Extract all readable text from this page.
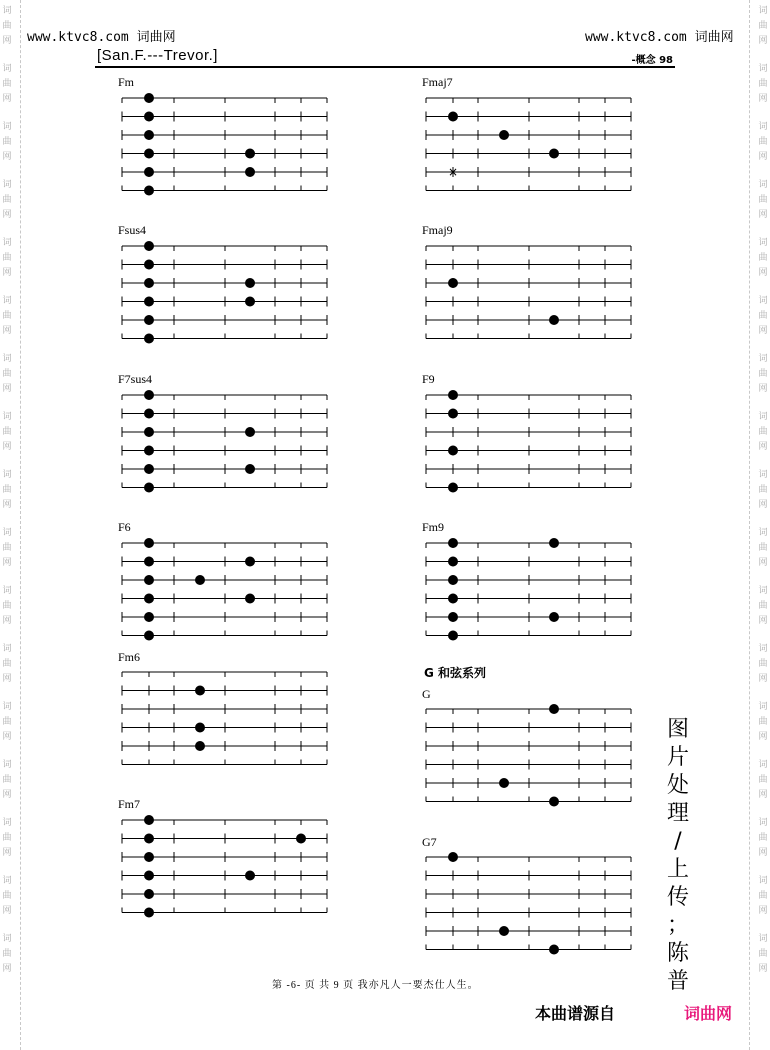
词
曲
网
词
曲
网
词
曲
网
词
曲
网
词
曲
网
词
曲
网
词
曲
网
词
曲
网
词
曲
网
词
曲
网
词
曲
网
词
曲
网
词
曲
网
词
曲
网
词
曲
网
词
曲
网
词
曲
网
词
曲
网
词
曲
网
词
曲
网
词
曲
网
词
曲
网
词
曲
网
词
曲
网
词
曲
网
词
曲
网
词
曲
网
词
曲
网
词
曲
网
词
曲
网
词
曲
网
词
曲
网
词
曲
网
词
曲
网
www.ktvc8.com 词曲网	www.ktvc8.com 词曲网
[San.F.---Trevor.]	-概念 98
Fm
Fsus4
F7sus4
F6
Fm6
Fm7
Fmaj7
×
Fmaj9
F9
Fm9
G
G7
G 和弦系列
图
片
处
理
/
上
传
；
陈
普
第 -6- 页 共 9 页 我亦凡人一要杰仕人生。
本曲谱源自	词曲网
